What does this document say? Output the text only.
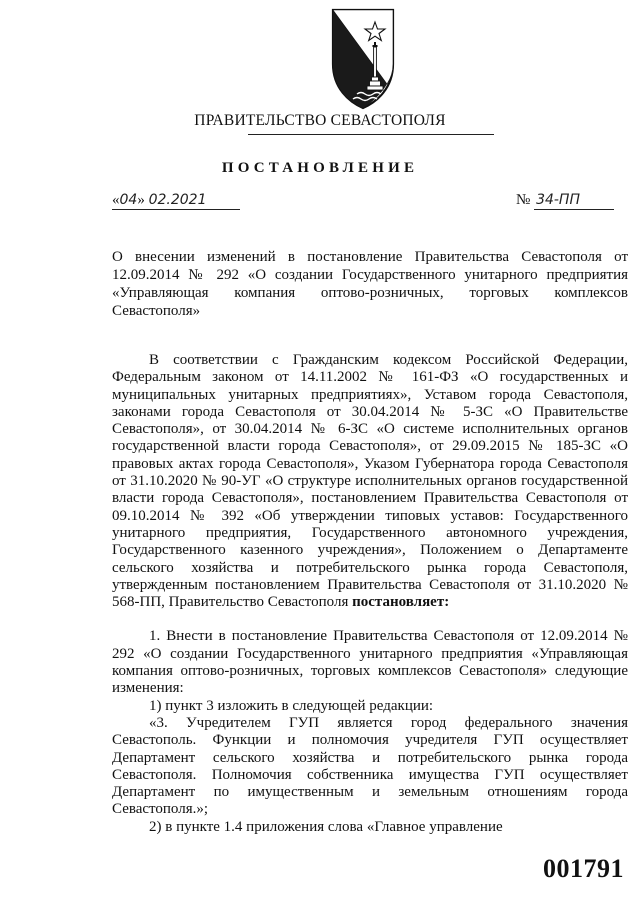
ПРАВИТЕЛЬСТВО СЕВАСТОПОЛЯ
ПОСТАНОВЛЕНИЕ
«04» 02.2021	№ 34-ПП
О внесении изменений в постановление Правительства Севастополя от 12.09.2014 № 292 «О создании Государственного унитарного предприятия «Управляющая компания оптово-розничных, торговых комплексов Севастополя»

В соответствии с Гражданским кодексом Российской Федерации, Федеральным законом от 14.11.2002 № 161-ФЗ «О государственных и муниципальных унитарных предприятиях», Уставом города Севастополя, законами города Севастополя от 30.04.2014 № 5-ЗС «О Правительстве Севастополя», от 30.04.2014 № 6-ЗС «О системе исполнительных органов государственной власти города Севастополя», от 29.09.2015 № 185-ЗС «О правовых актах города Севастополя», Указом Губернатора города Севастополя от 31.10.2020 № 90-УГ «О структуре исполнительных органов государственной власти города Севастополя», постановлением Правительства Севастополя от 09.10.2014 № 392 «Об утверждении типовых уставов: Государственного унитарного предприятия, Государственного автономного учреждения, Государственного казенного учреждения», Положением о Департаменте сельского хозяйства и потребительского рынка города Севастополя, утвержденным постановлением Правительства Севастополя от 31.10.2020 № 568-ПП, Правительство Севастополя постановляет:

1. Внести в постановление Правительства Севастополя от 12.09.2014 № 292 «О создании Государственного унитарного предприятия «Управляющая компания оптово-розничных, торговых комплексов Севастополя» следующие изменения:

1) пункт 3 изложить в следующей редакции:

«3. Учредителем ГУП является город федерального значения Севастополь. Функции и полномочия учредителя ГУП осуществляет Департамент сельского хозяйства и потребительского рынка города Севастополя. Полномочия собственника имущества ГУП осуществляет Департамент по имущественным и земельным отношениям города Севастополя.»;

2) в пункте 1.4 приложения слова «Главное управление

001791
